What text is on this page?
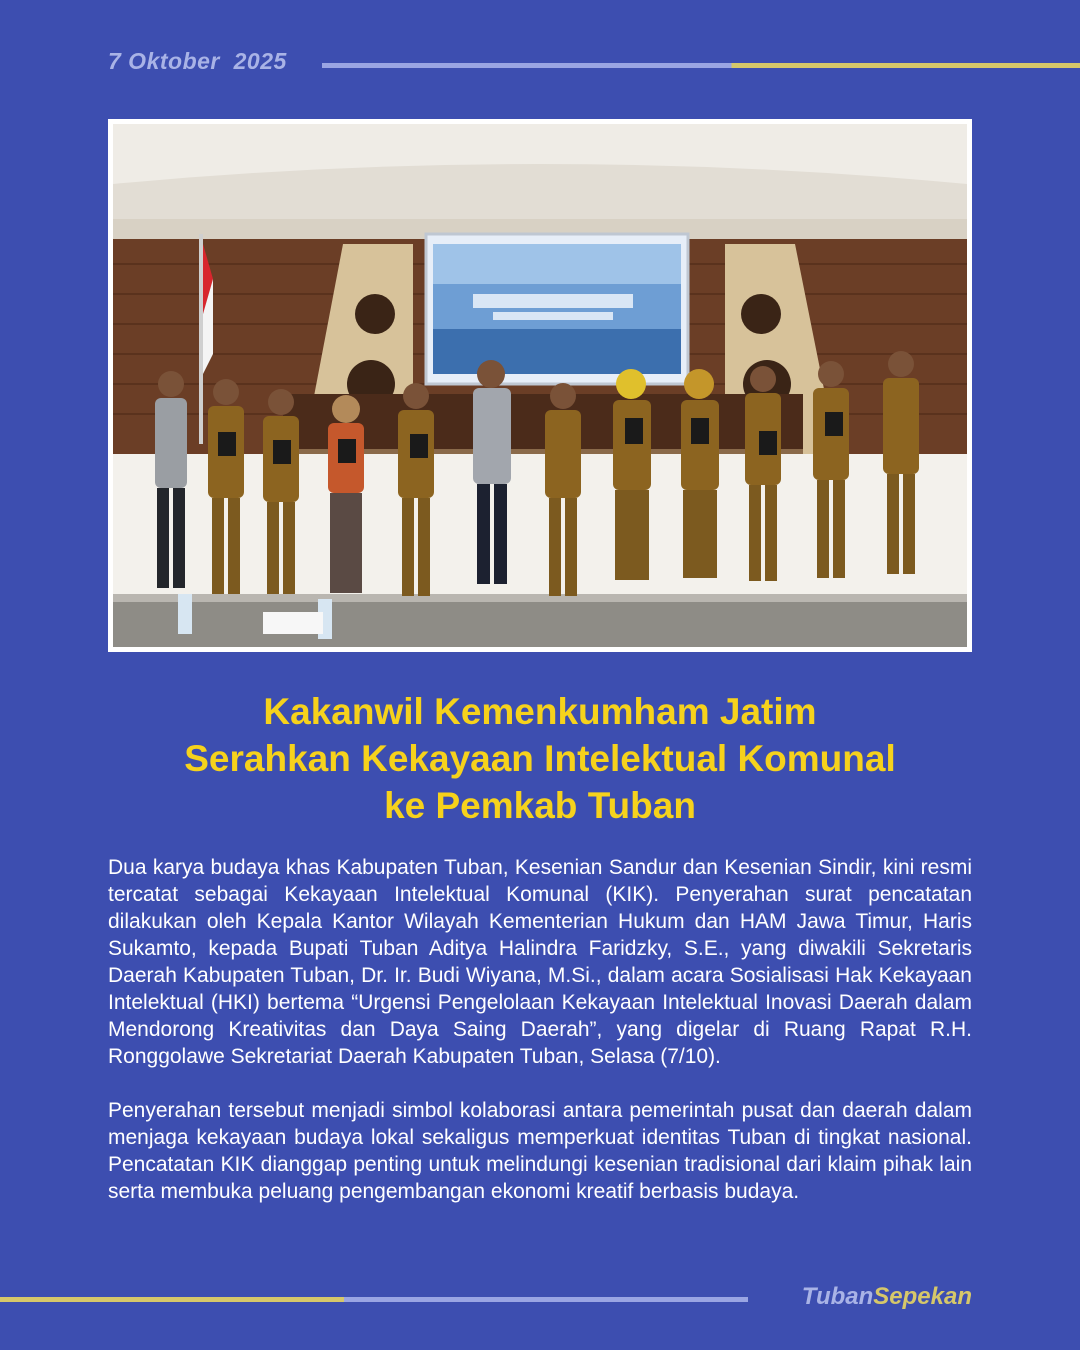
7 Oktober  2025
Kakanwil Kemenkumham Jatim
Serahkan Kekayaan Intelektual Komunal
ke Pemkab Tuban

Dua karya budaya khas Kabupaten Tuban, Kesenian Sandur dan Kesenian Sindir, kini resmi tercatat sebagai Kekayaan Intelektual Komunal (KIK). Penyerahan surat pencatatan dilakukan oleh Kepala Kantor Wilayah Kementerian Hukum dan HAM Jawa Timur, Haris Sukamto, kepada Bupati Tuban Aditya Halindra Faridzky, S.E., yang diwakili Sekretaris Daerah Kabupaten Tuban, Dr. Ir. Budi Wiyana, M.Si., dalam acara Sosialisasi Hak Kekayaan Intelektual (HKI) bertema “Urgensi Pengelolaan Kekayaan Intelektual Inovasi Daerah dalam Mendorong Kreativitas dan Daya Saing Daerah”, yang digelar di Ruang Rapat R.H. Ronggolawe Sekretariat Daerah Kabupaten Tuban, Selasa (7/10).

Penyerahan tersebut menjadi simbol kolaborasi antara pemerintah pusat dan daerah dalam menjaga kekayaan budaya lokal sekaligus memperkuat identitas Tuban di tingkat nasional. Pencatatan KIK dianggap penting untuk melindungi kesenian tradisional dari klaim pihak lain serta membuka peluang pengembangan ekonomi kreatif berbasis budaya.

TubanSepekan
